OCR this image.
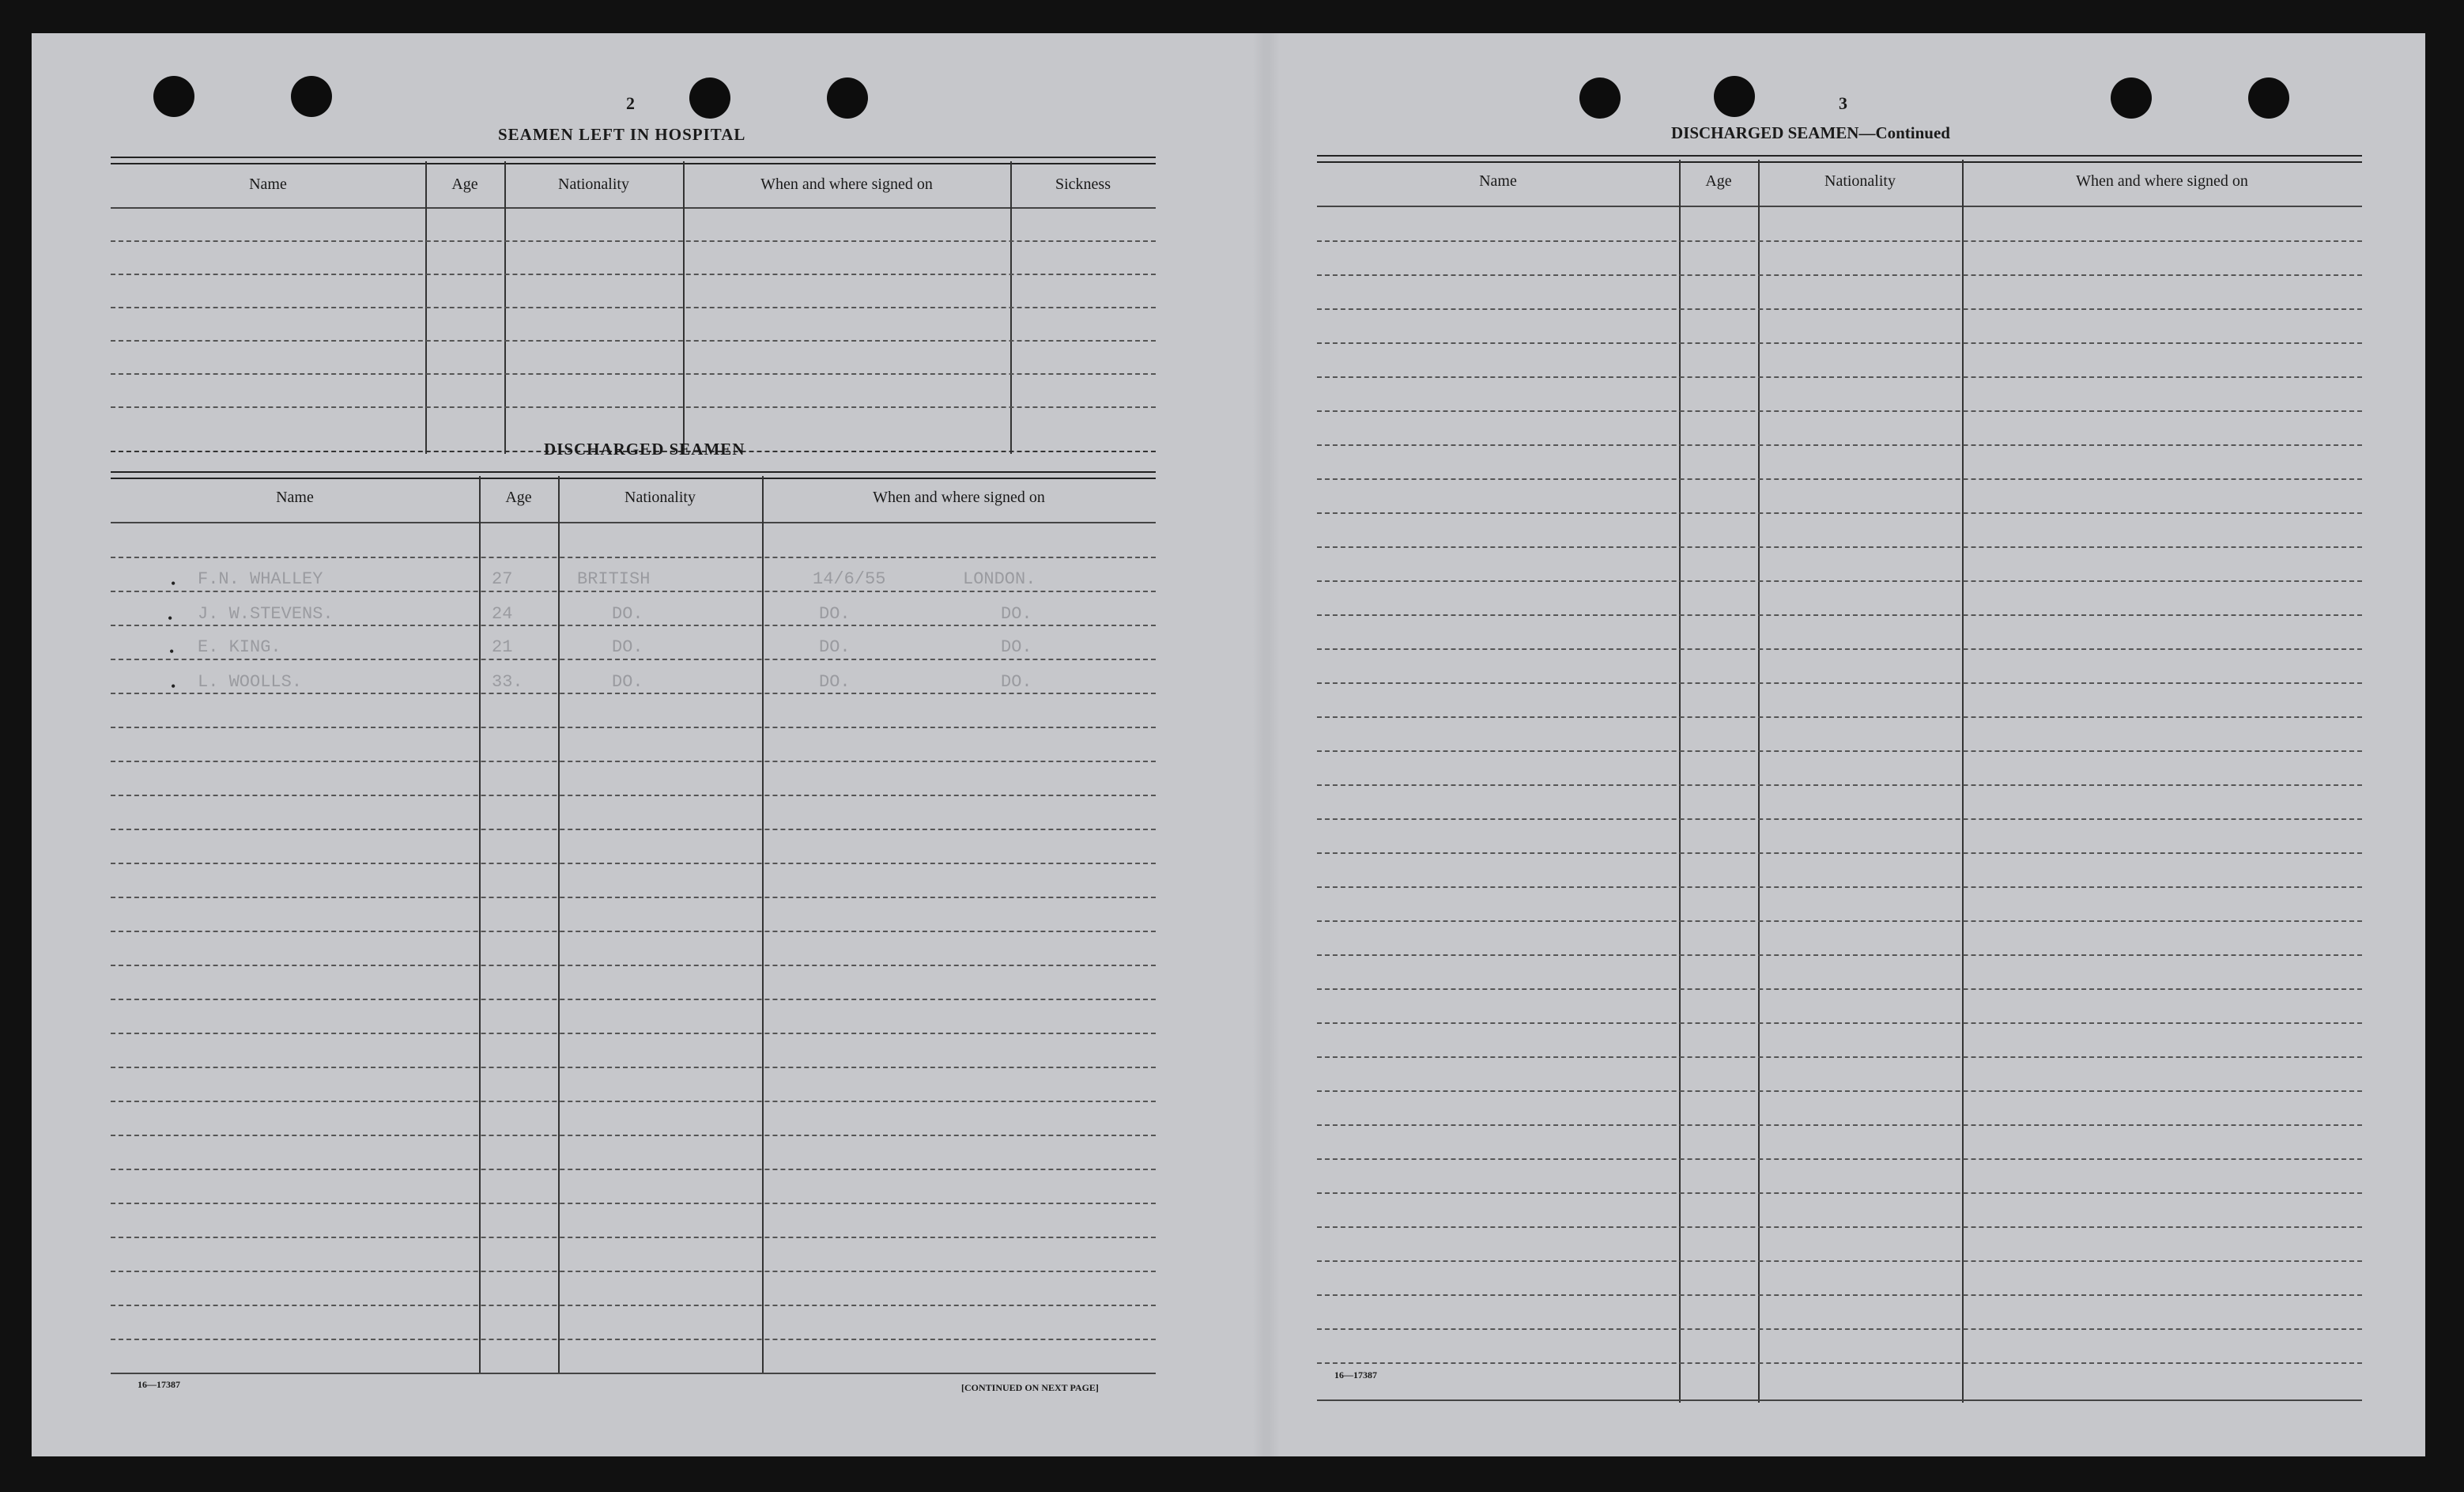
2
SEAMEN LEFT IN HOSPITAL
Name	Age	Nationality	When and where signed on	Sickness
DISCHARGED SEAMEN
Name	Age	Nationality	When and where signed on
• F.N. WHALLEY	27	BRITISH	14/6/55	LONDON.
• J. W.STEVENS.	24	DO.	DO.	DO.
• E. KING.	21	DO.	DO.	DO.
• L. WOOLLS.	33.	DO.	DO.	DO.
16—17387	[CONTINUED ON NEXT PAGE]
3
DISCHARGED SEAMEN—Continued
Name	Age	Nationality	When and where signed on
16—17387
